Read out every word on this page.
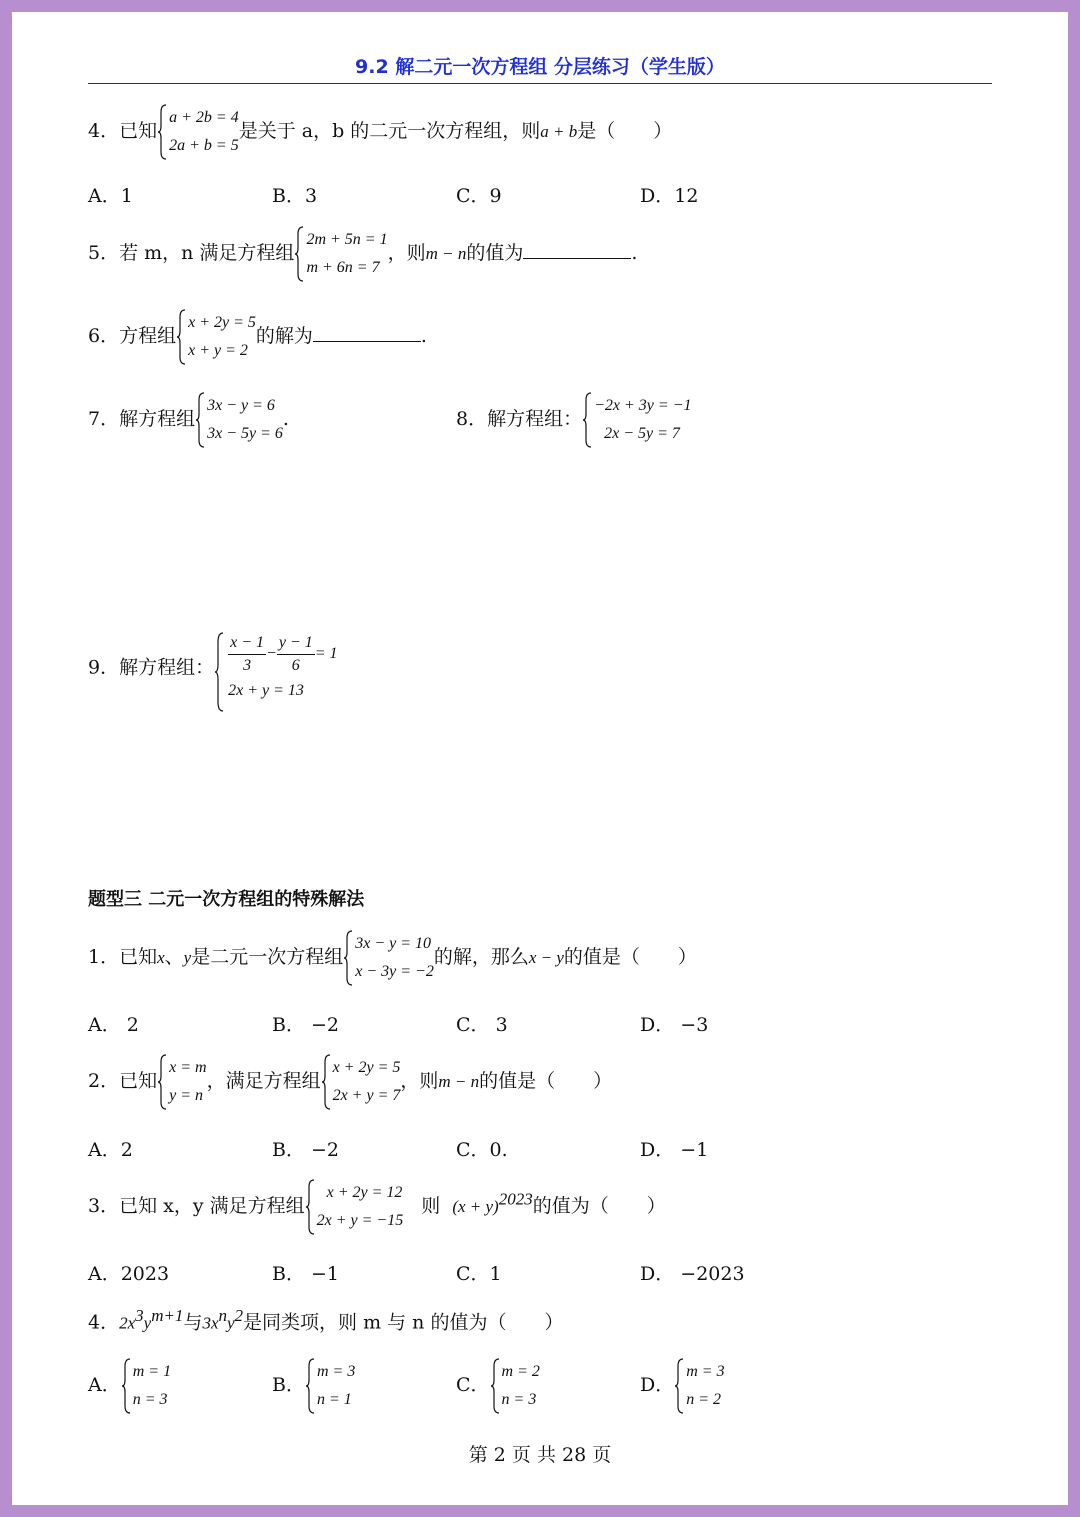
9.2 解二元一次方程组 分层练习（学生版）
4．已知
a + 2b = 4
2a + b = 5
是关于 a，b 的二元一次方程组，则a + b是（　　）
A．1	B．3	C．9	D．12
5．若 m，n 满足方程组
2m + 5n = 1
m + 6n = 7
，则m − n的值为	.
6．方程组
x + 2y = 5
x + y = 2
的解为	.
7．解方程组
3x − y = 6
3x − 5y = 6
.	8．解方程组：
−2x + 3y = −1
2x − 5y = 7
9．解方程组： $\frac{x - 1}{3} - \frac{y - 1}{6} = 1$
2x + y = 13
题型三 二元一次方程组的特殊解法
1．已知x、y是二元一次方程组
3x − y = 10
x − 3y = −2
的解，那么x − y的值是（　　）
A． 2	B． −2	C． 3	D． −3
2．已知
x = m
y = n
，满足方程组
x + 2y = 5
2x + y = 7
，则m − n的值是（　　）
A．2	B． −2	C．0.	D． −1
3．已知 x，y 满足方程组
x + 2y = 12
2x + y = −15
则 $(x + y)^{2023}$的值为（　　）
A．2023	B． −1	C．1	D． −2023
4．$2x^3y^{m+1}$与$3x^ny^2$是同类项，则 m 与 n 的值为（　　）
A．
m = 1
n = 3
B．
m = 3
n = 1
C．
m = 2
n = 3
D．
m = 3
n = 2
第 2 页 共 28 页
